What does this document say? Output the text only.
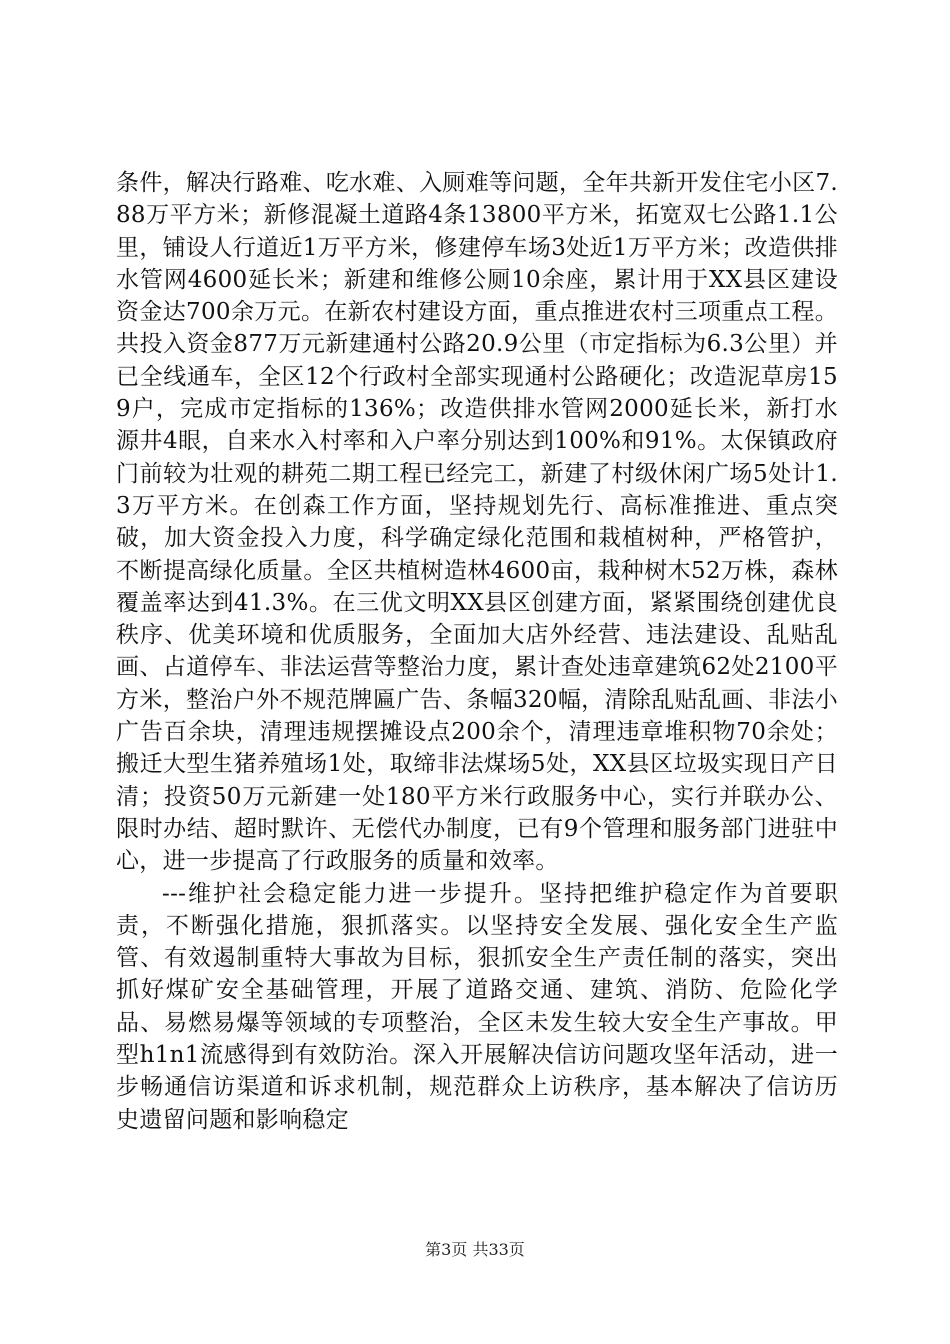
条件，解决行路难、吃水难、入厕难等问题，全年共新开发住宅小区7.88万平方米；新修混凝土道路4条13800平方米，拓宽双七公路1.1公里，铺设人行道近1万平方米，修建停车场3处近1万平方米；改造供排水管网4600延长米；新建和维修公厕10余座，累计用于XX县区建设资金达700余万元。在新农村建设方面，重点推进农村三项重点工程。共投入资金877万元新建通村公路20.9公里（市定指标为6.3公里）并已全线通车，全区12个行政村全部实现通村公路硬化；改造泥草房159户，完成市定指标的136%；改造供排水管网2000延长米，新打水源井4眼，自来水入村率和入户率分别达到100%和91%。太保镇政府门前较为壮观的耕苑二期工程已经完工，新建了村级休闲广场5处计1.3万平方米。在创森工作方面，坚持规划先行、高标准推进、重点突破，加大资金投入力度，科学确定绿化范围和栽植树种，严格管护，不断提高绿化质量。全区共植树造林4600亩，栽种树木52万株，森林覆盖率达到41.3%。在三优文明XX县区创建方面，紧紧围绕创建优良秩序、优美环境和优质服务，全面加大店外经营、违法建设、乱贴乱画、占道停车、非法运营等整治力度，累计查处违章建筑62处2100平方米，整治户外不规范牌匾广告、条幅320幅，清除乱贴乱画、非法小广告百余块，清理违规摆摊设点200余个，清理违章堆积物70余处；搬迁大型生猪养殖场1处，取缔非法煤场5处，XX县区垃圾实现日产日清；投资50万元新建一处180平方米行政服务中心，实行并联办公、限时办结、超时默许、无偿代办制度，已有9个管理和服务部门进驻中心，进一步提高了行政服务的质量和效率。

---维护社会稳定能力进一步提升。坚持把维护稳定作为首要职责，不断强化措施，狠抓落实。以坚持安全发展、强化安全生产监管、有效遏制重特大事故为目标，狠抓安全生产责任制的落实，突出抓好煤矿安全基础管理，开展了道路交通、建筑、消防、危险化学品、易燃易爆等领域的专项整治，全区未发生较大安全生产事故。甲型h1n1流感得到有效防治。深入开展解决信访问题攻坚年活动，进一步畅通信访渠道和诉求机制，规范群众上访秩序，基本解决了信访历史遗留问题和影响稳定

第3页 共33页
